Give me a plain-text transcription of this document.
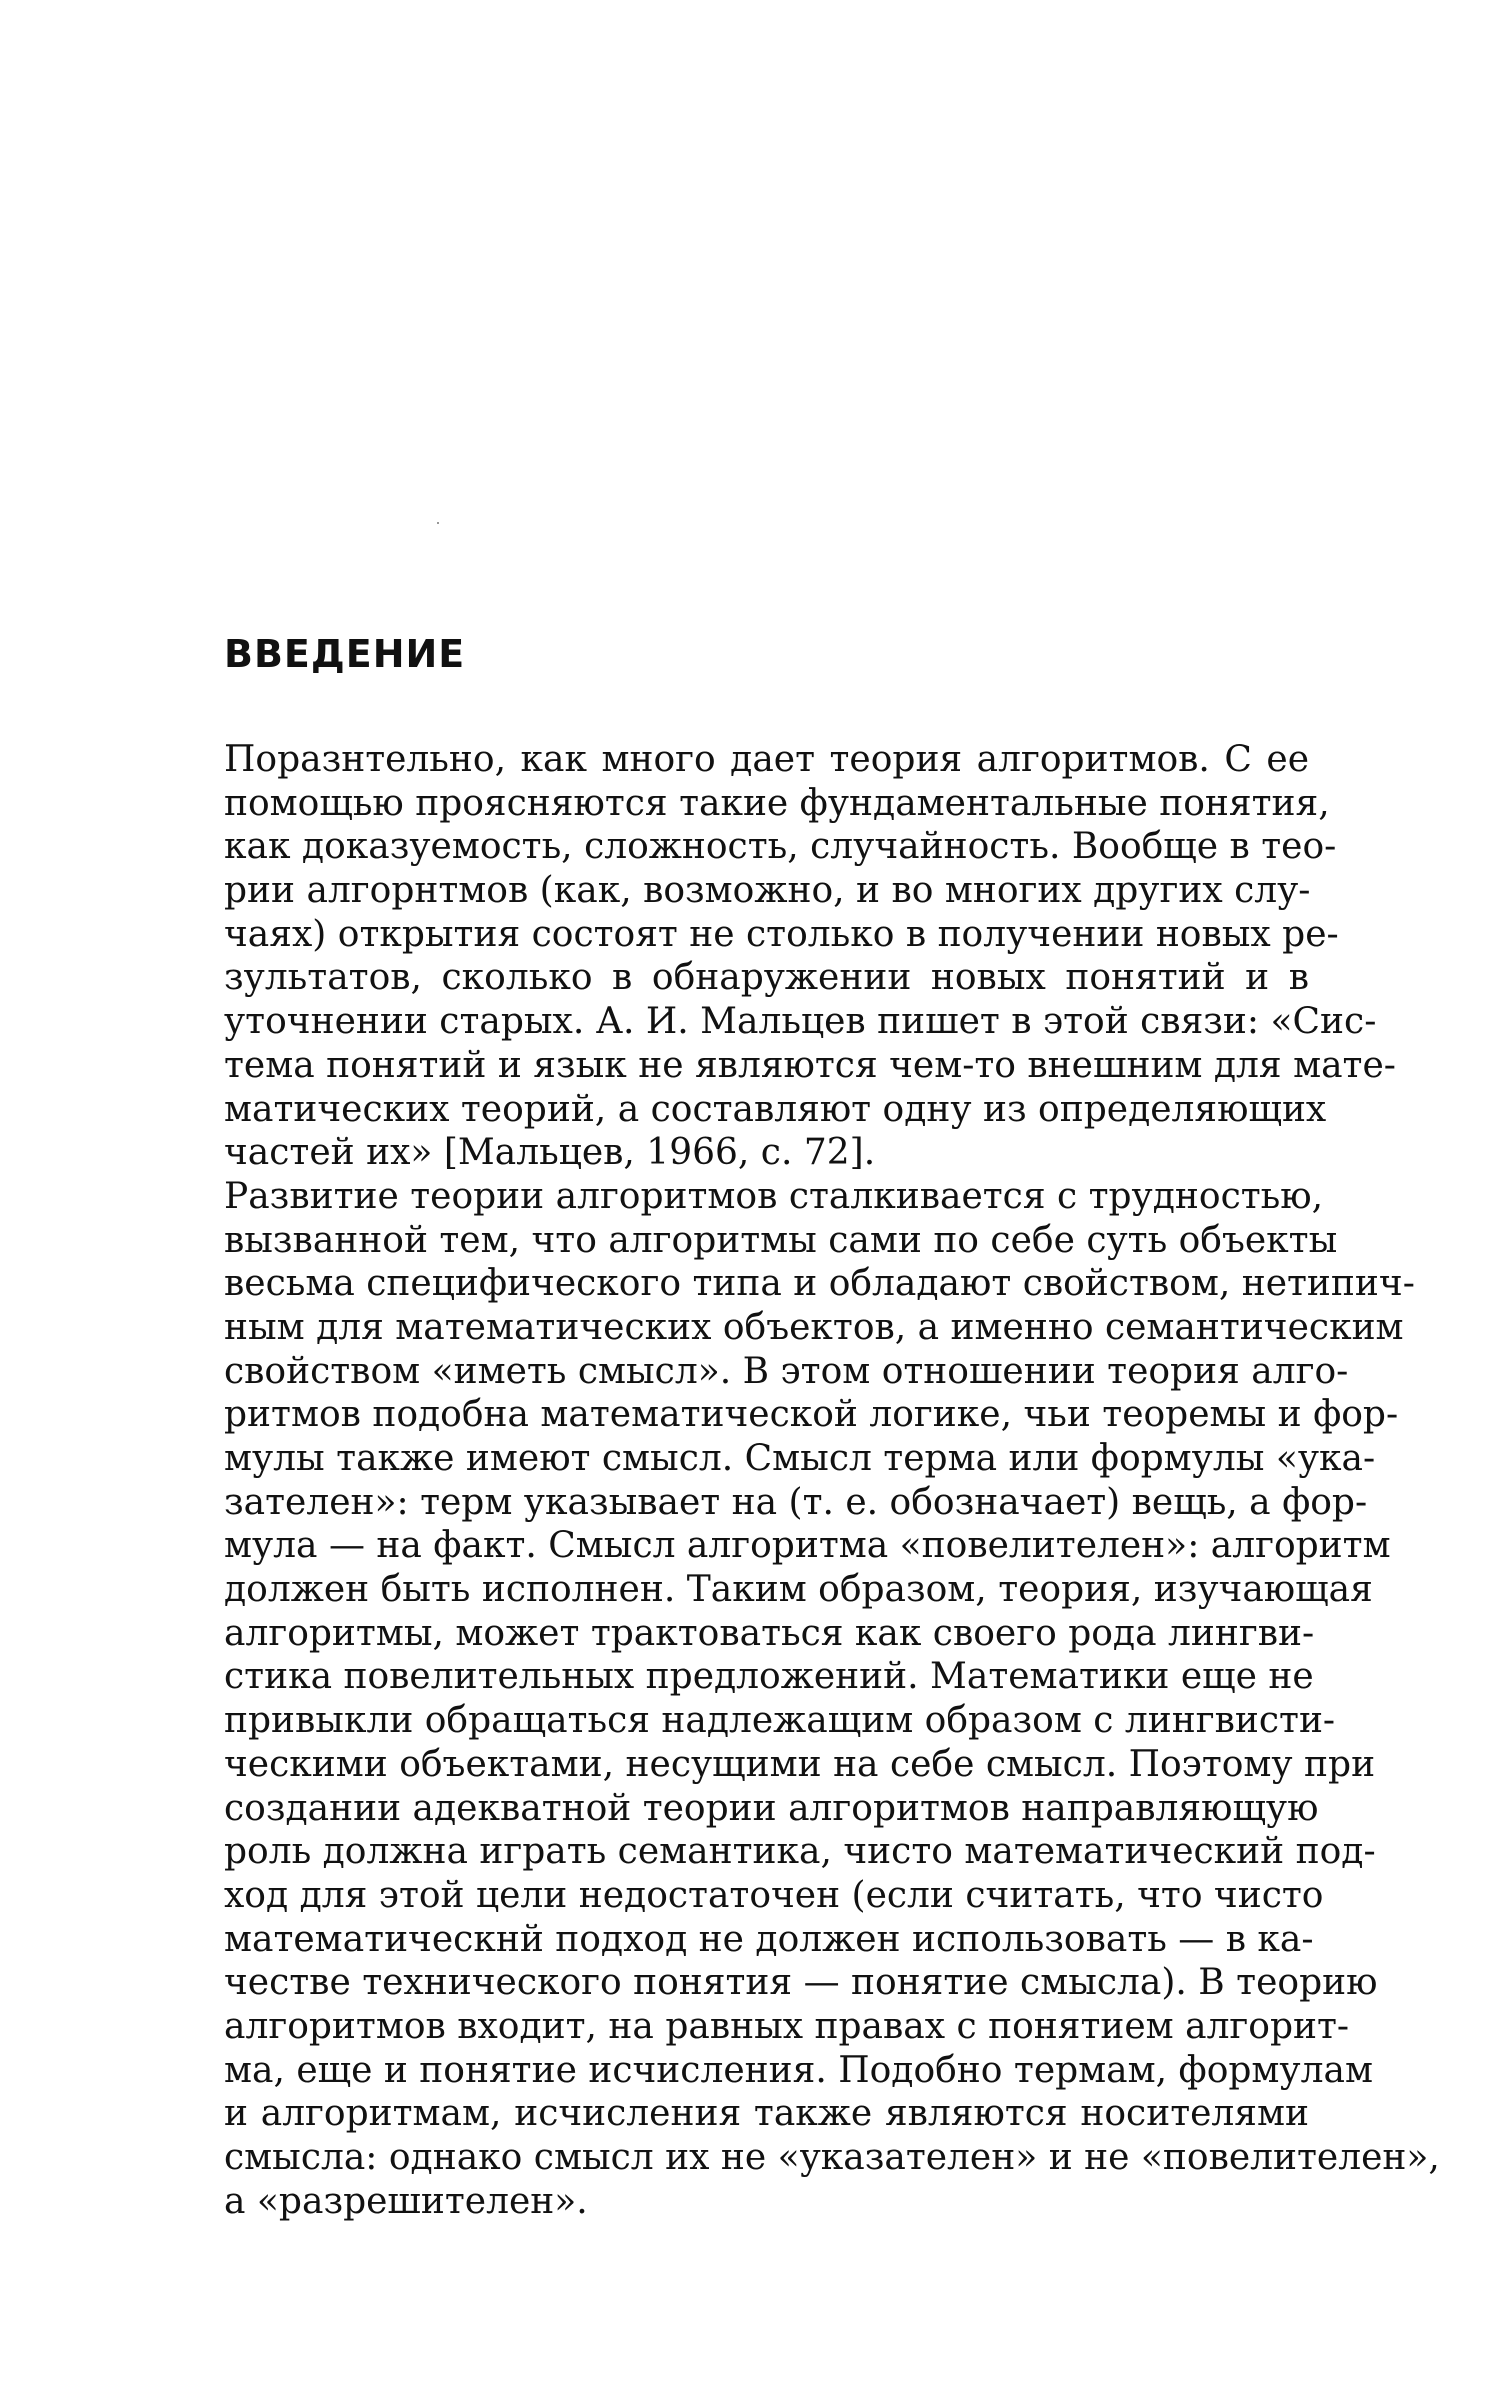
ВВЕДЕНИЕ
Поразнтельно, как много дает теория алгоритмов. С ее
помощью проясняются такие фундаментальные понятия,
как доказуемость, сложность, случайность. Вообще в тео-
рии алгорнтмов (как, возможно, и во многих других слу-
чаях) открытия состоят не столько в получении новых ре-
зультатов, сколько в обнаружении новых понятий и в
уточнении старых. А. И. Мальцев пишет в этой связи: «Сис-
тема понятий и язык не являются чем-то внешним для мате-
матических теорий, а составляют одну из определяющих
частей их» [Мальцев, 1966, с. 72].
Развитие теории алгоритмов сталкивается с трудностью,
вызванной тем, что алгоритмы сами по себе суть объекты
весьма специфического типа и обладают свойством, нетипич-
ным для математических объектов, а именно семантическим
свойством «иметь смысл». В этом отношении теория алго-
ритмов подобна математической логике, чьи теоремы и фор-
мулы также имеют смысл. Смысл терма или формулы «ука-
зателен»: терм указывает на (т. е. обозначает) вещь, а фор-
мула — на факт. Смысл алгоритма «повелителен»: алгоритм
должен быть исполнен. Таким образом, теория, изучающая
алгоритмы, может трактоваться как своего рода лингви-
стика повелительных предложений. Математики еще не
привыкли обращаться надлежащим образом с лингвисти-
ческими объектами, несущими на себе смысл. Поэтому при
создании адекватной теории алгоритмов направляющую
роль должна играть семантика, чисто математический под-
ход для этой цели недостаточен (если считать, что чисто
математическнй подход не должен использовать — в ка-
честве технического понятия — понятие смысла). В теорию
алгоритмов входит, на равных правах с понятием алгорит-
ма, еще и понятие исчисления. Подобно термам, формулам
и алгоритмам, исчисления также являются носителями
смысла: однако смысл их не «указателен» и не «повелителен»,
а «разрешителен».
